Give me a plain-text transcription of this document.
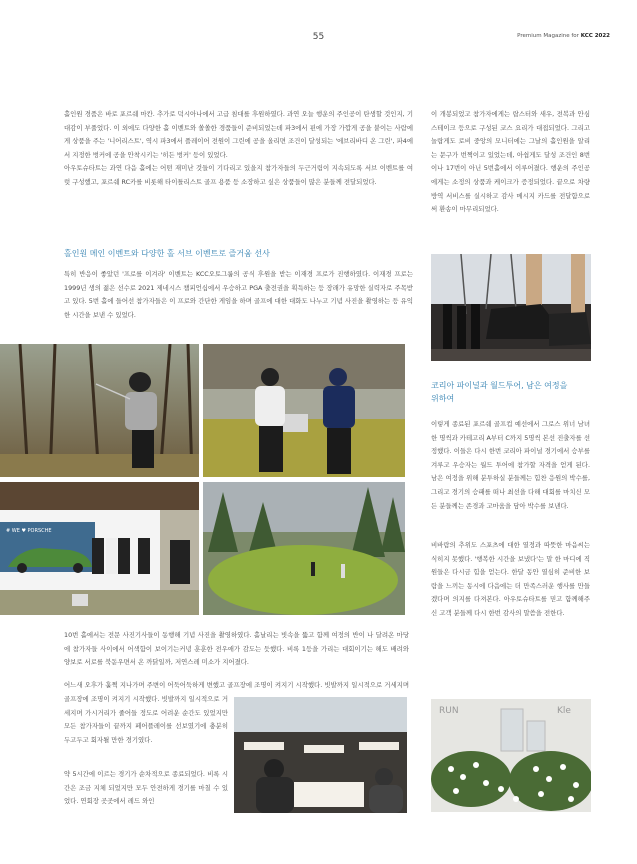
55	Premium Magazine for KCC 2022

홀인원 경품은 바로 포르쉐 마칸. 추가로 덕시아나에서 고급 침대를 후원하였다. 과연 오늘 행운의 주인공이 탄생할 것인지, 기대감이 부풀었다. 이 외에도 다양한 홀 이벤트와 쏠쏠한 경품들이 준비되었는데 파3에서 핀에 가장 가깝게 공을 붙이는 사람에게 상품을 주는 '니어리스트', 역시 파3에서 플레이어 전원이 그린에 공을 올리면 조건이 달성되는 '에브리바디 온 그린', 파4에서 지정한 벙커에 공을 안착시키는 '히든 벙커' 등이 있었다.

아우토슈타트는 과연 다음 홀에는 어떤 재미난 것들이 기다리고 있을지 참가자들의 두근거림이 지속되도록 서브 이벤트를 여럿 구성했고, 포르쉐 RC카를 비롯해 타이틀리스트 골프 용품 등 소장하고 싶은 상품들이 많은 분들께 전달되었다.

홀인원 메인 이벤트와 다양한 홀 서브 이벤트로 즐거움 선사
특히 반응이 좋았던 '프로를 이겨라' 이벤트는 KCC오토그룹의 공식 후원을 받는 이재경 프로가 진행하였다. 이재경 프로는 1999년 생의 젊은 선수로 2021 제네시스 챔피언십에서 우승하고 PGA 출전권을 획득하는 등 장래가 유망한 실력자로 주목받고 있다. 5번 홀에 들어선 참가자들은 이 프로와 간단한 게임을 하며 골프에 대한 대화도 나누고 기념 사진을 촬영하는 등 유익한 시간을 보낸 수 있었다.
# WE ♥ PORSCHE
10번 홀에서는 전문 사진기사들이 동행해 기념 사진을 촬영하였다. 홀날리는 빗속을 뚫고 함께 여정의 반이 나 달려온 마당에 참가자들 사이에서 어색함이 보이기는커녕 훈훈한 전우애가 감도는 듯했다. 비록 1등을 가리는 대회이기는 해도 배려와 양보로 서로를 북돋우면서 온 까닭일까, 저연스레 미소가 지어졌다.
어느새 오후가 훌쩍 지나가며 주변이 어둑어둑하게 변했고 골프장에 조명이 켜지기 시작했다. 빗발까지 일시적으로 거세지며

골프장에 조명이 켜지기 시작했다. 빗발까지 일시적으로 거세지며 가시거리가 줄어들 정도로 어려운 순간도 있었지만 모든 참가자들이 끝까지 페어플레이를 선보였기에 충분히 두고두고 회자될 만한 경기였다.

약 5시간에 이르는 경기가 순차적으로 종료되었다. 비록 시간은 조금 지체 되었지만 모두 안전하게 경기를 마칠 수 있었다. 연회장 곳곳에서 레드 와인
이 개봉되었고 참가자에게는 랍스터와 새우, 전복과 안심 스테이크 등으로 구성된 코스 요리가 대접되었다. 그리고 놀랍게도 로비 중앙의 모니터에는 그날의 홀인원을 알리는 문구가 번쩍이고 있었는데, 아쉽게도 달성 조건인 8번이나 17번이 아닌 5번홀에서 이루어졌다. 행운의 주인공에게는 소정의 상품과 케이크가 증정되었다. 끝으로 차량 방역 서비스를 실시하고 감사 메시지 카드를 전달함으로써 환송이 마무리되었다.
코리아 파이널과 월드투어, 남은 여정을
위하여
이렇게 종료된 포르쉐 골프컵 예선에서 그로스 위너 남녀 한 명씩과 카테고리 A부터 C까지 5명씩 본선 진출자를 선정했다. 이들은 다시 한번 코리아 파이널 경기에서 승부를 겨루고 우승자는 월드 투어에 참가할 자격을 얻게 된다. 남은 여정을 위해 분투하실 분들께는 힘찬 응원의 박수를, 그리고 경기의 승패를 떠나 최선을 다해 대회를 마치신 모든 분들께는 존경과 고마움을 담아 박수를 보낸다.
비바람의 추위도 스포츠에 대한 열정과 따뜻한 마음씨는 식히지 못했다. '행복한 시간을 보냈다'는 말 한 마디에 직원들은 다시금 힘을 얻는다. 한달 동안 열심히 준비한 보람을 느끼는 동시에 다음에는 더 만족스러운 행사를 만들겠다며 의지를 다져본다. 아우토슈타트를 믿고 함께해주신 고객 분들께 다시 한번 감사의 말씀을 전한다.
RUN	Kle
